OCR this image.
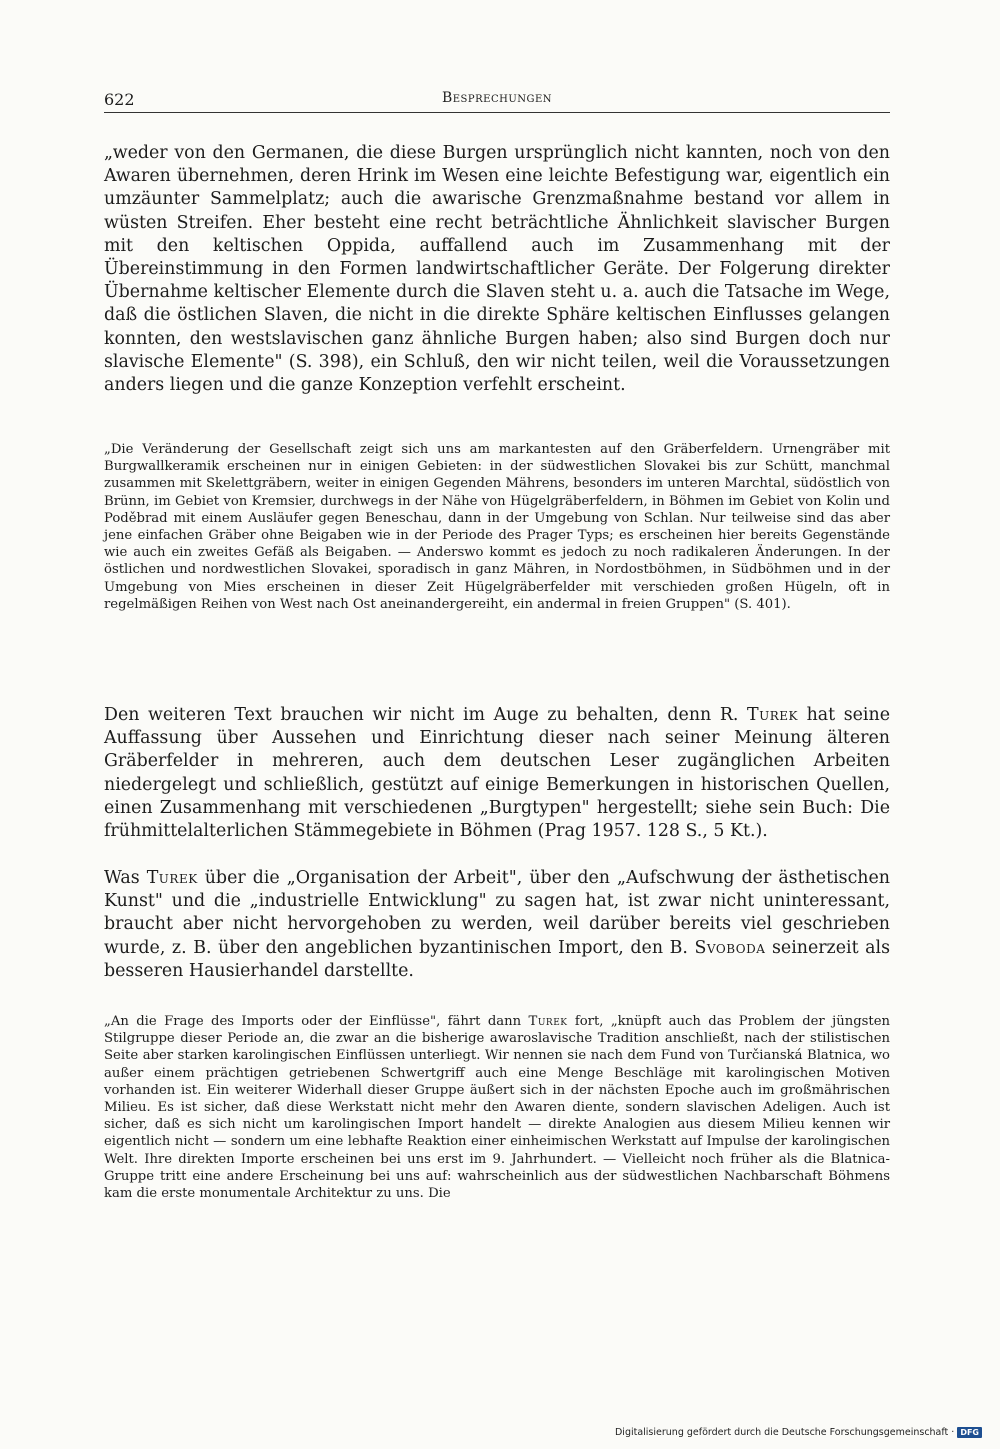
622	Besprechungen

„weder von den Germanen, die diese Burgen ursprünglich nicht kannten, noch von den Awaren übernehmen, deren Hrink im Wesen eine leichte Befestigung war, eigentlich ein umzäunter Sammelplatz; auch die awarische Grenzmaßnahme bestand vor allem in wüsten Streifen. Eher besteht eine recht beträchtliche Ähnlichkeit slavischer Burgen mit den keltischen Oppida, auffallend auch im Zusammenhang mit der Übereinstimmung in den Formen landwirtschaftlicher Geräte. Der Folgerung direkter Übernahme keltischer Elemente durch die Slaven steht u. a. auch die Tatsache im Wege, daß die östlichen Slaven, die nicht in die direkte Sphäre keltischen Einflusses gelangen konnten, den westslavischen ganz ähnliche Burgen haben; also sind Burgen doch nur slavische Elemente" (S. 398), ein Schluß, den wir nicht teilen, weil die Voraussetzungen anders liegen und die ganze Konzeption verfehlt erscheint.

„Die Veränderung der Gesellschaft zeigt sich uns am markantesten auf den Gräberfeldern. Urnengräber mit Burgwallkeramik erscheinen nur in einigen Gebieten: in der südwestlichen Slovakei bis zur Schütt, manchmal zusammen mit Skelettgräbern, weiter in einigen Gegenden Mährens, besonders im unteren Marchtal, südöstlich von Brünn, im Gebiet von Kremsier, durchwegs in der Nähe von Hügelgräberfeldern, in Böhmen im Gebiet von Kolin und Poděbrad mit einem Ausläufer gegen Beneschau, dann in der Umgebung von Schlan. Nur teilweise sind das aber jene einfachen Gräber ohne Beigaben wie in der Periode des Prager Typs; es erscheinen hier bereits Gegenstände wie auch ein zweites Gefäß als Beigaben. — Anderswo kommt es jedoch zu noch radikaleren Änderungen. In der östlichen und nordwestlichen Slovakei, sporadisch in ganz Mähren, in Nordostböhmen, in Südböhmen und in der Umgebung von Mies erscheinen in dieser Zeit Hügelgräberfelder mit verschieden großen Hügeln, oft in regelmäßigen Reihen von West nach Ost aneinandergereiht, ein andermal in freien Gruppen" (S. 401).

Den weiteren Text brauchen wir nicht im Auge zu behalten, denn R. Turek hat seine Auffassung über Aussehen und Einrichtung dieser nach seiner Meinung älteren Gräberfelder in mehreren, auch dem deutschen Leser zugänglichen Arbeiten niedergelegt und schließlich, gestützt auf einige Bemerkungen in historischen Quellen, einen Zusammenhang mit verschiedenen „Burgtypen" hergestellt; siehe sein Buch: Die frühmittelalterlichen Stämmegebiete in Böhmen (Prag 1957. 128 S., 5 Kt.).

Was Turek über die „Organisation der Arbeit", über den „Aufschwung der ästhetischen Kunst" und die „industrielle Entwicklung" zu sagen hat, ist zwar nicht uninteressant, braucht aber nicht hervorgehoben zu werden, weil darüber bereits viel geschrieben wurde, z. B. über den angeblichen byzantinischen Import, den B. Svoboda seinerzeit als besseren Hausierhandel darstellte.

„An die Frage des Imports oder der Einflüsse", fährt dann Turek fort, „knüpft auch das Problem der jüngsten Stilgruppe dieser Periode an, die zwar an die bisherige awaroslavische Tradition anschließt, nach der stilistischen Seite aber starken karolingischen Einflüssen unterliegt. Wir nennen sie nach dem Fund von Turčianská Blatnica, wo außer einem prächtigen getriebenen Schwertgriff auch eine Menge Beschläge mit karolingischen Motiven vorhanden ist. Ein weiterer Widerhall dieser Gruppe äußert sich in der nächsten Epoche auch im großmährischen Milieu. Es ist sicher, daß diese Werkstatt nicht mehr den Awaren diente, sondern slavischen Adeligen. Auch ist sicher, daß es sich nicht um karolingischen Import handelt — direkte Analogien aus diesem Milieu kennen wir eigentlich nicht — sondern um eine lebhafte Reaktion einer einheimischen Werkstatt auf Impulse der karolingischen Welt. Ihre direkten Importe erscheinen bei uns erst im 9. Jahrhundert. — Vielleicht noch früher als die Blatnica-Gruppe tritt eine andere Erscheinung bei uns auf: wahrscheinlich aus der südwestlichen Nachbarschaft Böhmens kam die erste monumentale Architektur zu uns. Die

Digitalisierung gefördert durch die Deutsche Forschungsgemeinschaft · DFG
